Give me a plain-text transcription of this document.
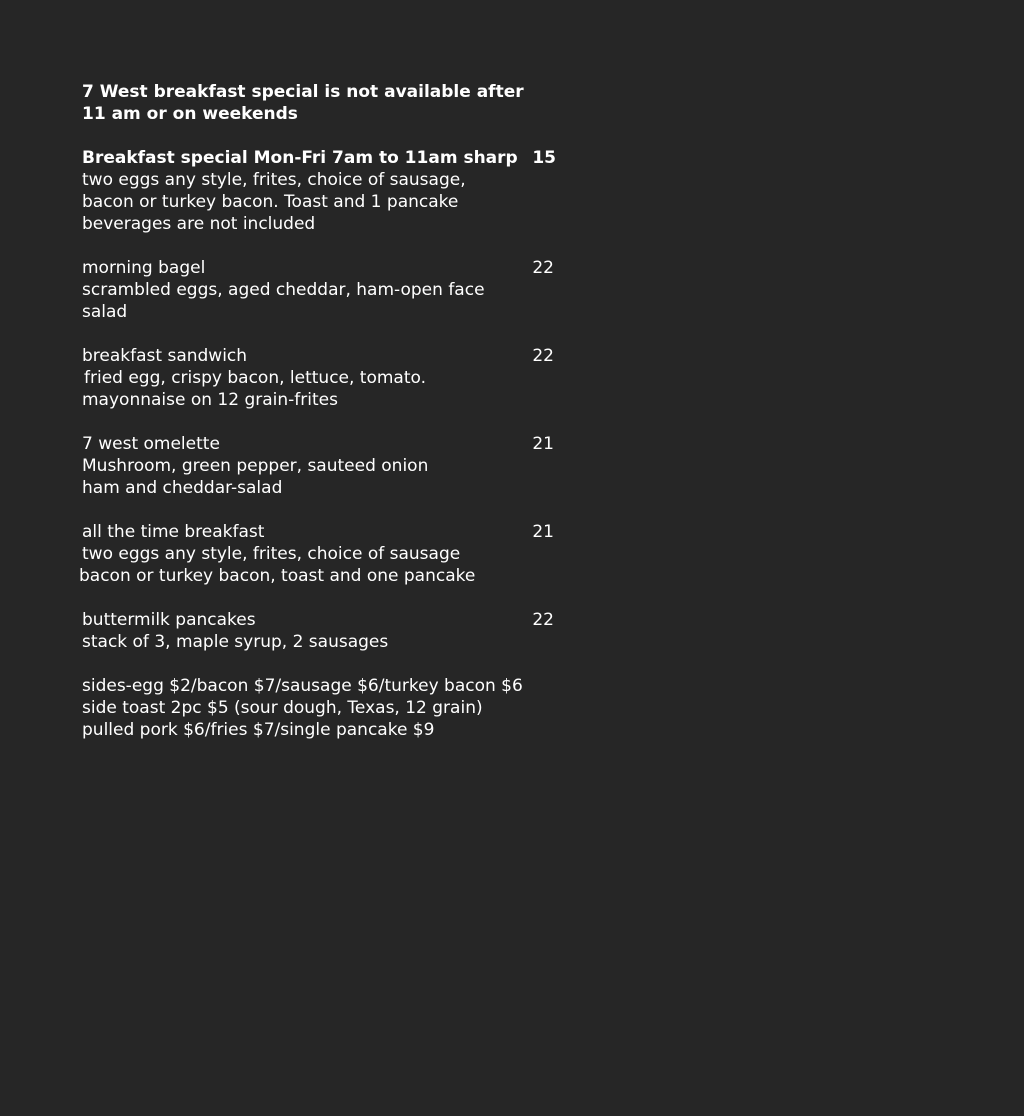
7 West breakfast special is not available after
11 am or on weekends
Breakfast special Mon-Fri 7am to 11am sharp 15
two eggs any style, frites, choice of sausage,
bacon or turkey bacon. Toast and 1 pancake
beverages are not included
morning bagel	22
scrambled eggs, aged cheddar, ham-open face
salad
breakfast sandwich	22
fried egg, crispy bacon, lettuce, tomato.
mayonnaise on 12 grain-frites
7 west omelette	21
Mushroom, green pepper, sauteed onion
ham and cheddar-salad
all the time breakfast	21
two eggs any style, frites, choice of sausage
bacon or turkey bacon, toast and one pancake
buttermilk pancakes	22
stack of 3, maple syrup, 2 sausages
sides-egg $2/bacon $7/sausage $6/turkey bacon $6
side toast 2pc $5 (sour dough, Texas, 12 grain)
pulled pork $6/fries $7/single pancake $9
